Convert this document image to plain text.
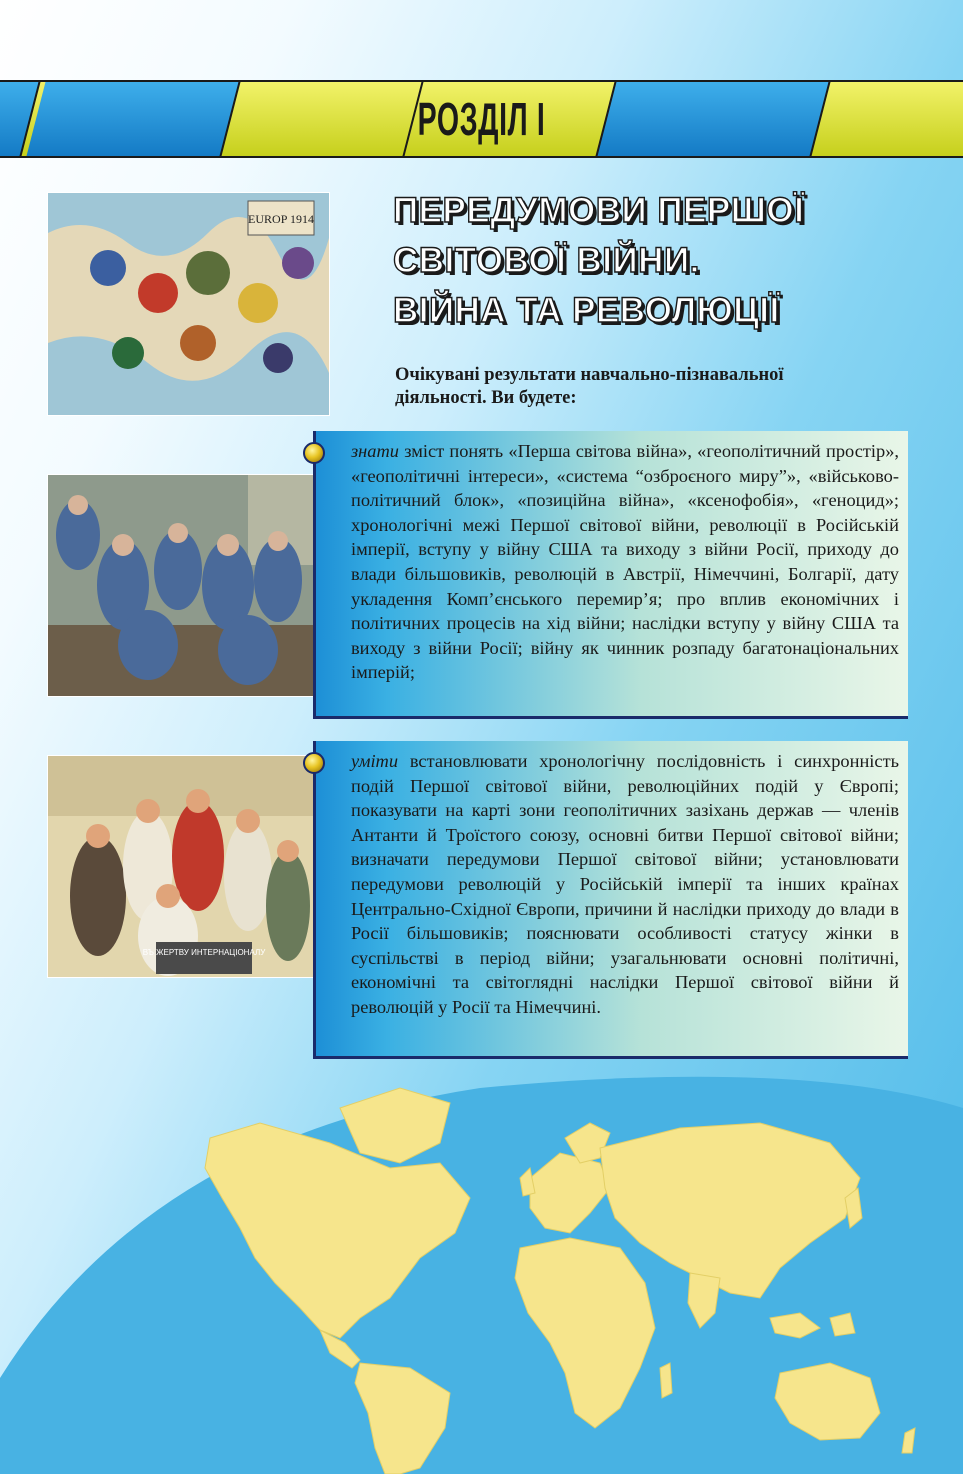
РОЗДІЛ І
ПЕРЕДУМОВИ ПЕРШОЇ
СВІТОВОЇ ВІЙНИ.
ВІЙНА ТА РЕВОЛЮЦІЇ

Очікувані результати навчально-пізнавальної діяльності. Ви будете:

EUROP 1914
ВЪ ЖЕРТВУ ИНТЕРНАЦІОНАЛУ

знати зміст понять «Перша світова війна», «геополітичний простір», «геополітичні інтереси», «система “озброєного миру”», «військово-політичний блок», «позиційна війна», «ксенофобія», «геноцид»; хронологічні межі Першої світової війни, революції в Російській імперії, вступу у війну США та виходу з війни Росії, приходу до влади більшовиків, революцій в Австрії, Німеччині, Болгарії, дату укладення Комп’єнського перемир’я; про вплив економічних і політичних процесів на хід війни; наслідки вступу у війну США та виходу з війни Росії; війну як чинник розпаду багатонаціональних імперій;

уміти встановлювати хронологічну послідовність і синхронність подій Першої світової війни, революційних подій у Європі; показувати на карті зони геополітичних зазіхань держав — членів Антанти й Троїстого союзу, основні битви Першої світової війни; визначати передумови Першої світової війни; установлювати передумови революцій у Російській імперії та інших країнах Центрально-Східної Європи, причини й наслідки приходу до влади в Росії більшовиків; пояснювати особливості статусу жінки в суспільстві в період війни; узагальнювати основні політичні, економічні та світоглядні наслідки Першої світової війни й революцій у Росії та Німеччині.
